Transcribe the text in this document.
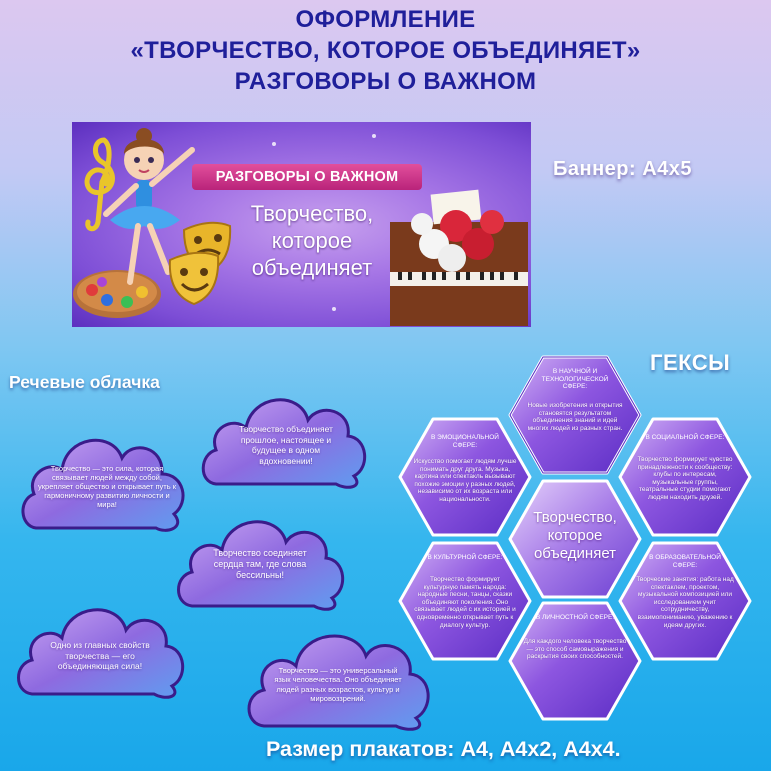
ОФОРМЛЕНИЕ
«ТВОРЧЕСТВО, КОТОРОЕ ОБЪЕДИНЯЕТ»
РАЗГОВОРЫ О ВАЖНОМ
РАЗГОВОРЫ О ВАЖНОМ
Творчество,
которое
объединяет
Баннер: А4х5
ГЕКСЫ
Речевые облачка
Размер плакатов: А4, А4х2, А4х4.
Творчество — это сила, которая связывает людей между собой, укрепляет общество и открывает путь к гармоничному развитию личности и мира!
Творчество объединяет прошлое, настоящее и будущее в одном вдохновении!
Творчество соединяет сердца там, где слова бессильны!
Одно из главных свойств творчества — его объединяющая сила!	Творчество — это универсальный язык человечества. Оно объединяет людей разных возрастов, культур и мировоззрений.
В НАУЧНОЙ И ТЕХНОЛОГИЧЕСКОЙ СФЕРЕ:
Новые изобретения и открытия становятся результатом объединения знаний и идей многих людей из разных стран.
В ЭМОЦИОНАЛЬНОЙ СФЕРЕ:
Искусство помогает людям лучше понимать друг друга. Музыка, картина или спектакль вызывают похожие эмоции у разных людей, независимо от их возраста или национальности.
В СОЦИАЛЬНОЙ СФЕРЕ:
Творчество формирует чувство принадлежности к сообществу: клубы по интересам, музыкальные группы, театральные студии помогают людям находить друзей.
Творчество,
которое
объединяет
В КУЛЬТУРНОЙ СФЕРЕ:
Творчество формирует культурную память народа: народные песни, танцы, сказки объединяют поколения. Оно связывает людей с их историей и одновременно открывает путь к диалогу культур.
В ОБРАЗОВАТЕЛЬНОЙ СФЕРЕ:
Творческие занятия: работа над спектаклем, проектом, музыкальной композицией или исследованием учит сотрудничеству, взаимопониманию, уважению к идеям других.
В ЛИЧНОСТНОЙ СФЕРЕ:
Для каждого человека творчество — это способ самовыражения и раскрытия своих способностей.
